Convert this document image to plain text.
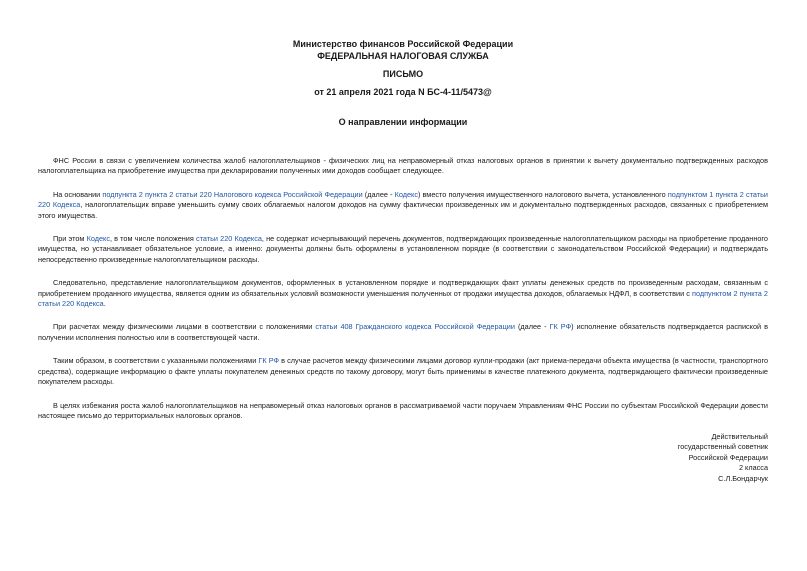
Министерство финансов Российской Федерации
ФЕДЕРАЛЬНАЯ НАЛОГОВАЯ СЛУЖБА
ПИСЬМО
от 21 апреля 2021 года N БС-4-11/5473@
О направлении информации

ФНС России в связи с увеличением количества жалоб налогоплательщиков - физических лиц на неправомерный отказ налоговых органов в принятии к вычету документально подтвержденных расходов налогоплательщика на приобретение имущества при декларировании полученных ими доходов сообщает следующее.

На основании подпункта 2 пункта 2 статьи 220 Налогового кодекса Российской Федерации (далее - Кодекс) вместо получения имущественного налогового вычета, установленного подпунктом 1 пункта 2 статьи 220 Кодекса, налогоплательщик вправе уменьшить сумму своих облагаемых налогом доходов на сумму фактически произведенных им и документально подтвержденных расходов, связанных с приобретением этого имущества.

При этом Кодекс, в том числе положения статьи 220 Кодекса, не содержат исчерпывающий перечень документов, подтверждающих произведенные налогоплательщиком расходы на приобретение проданного имущества, но устанавливает обязательное условие, а именно: документы должны быть оформлены в установленном порядке (в соответствии с законодательством Российской Федерации) и подтверждать непосредственно произведенные налогоплательщиком расходы.

Следовательно, представление налогоплательщиком документов, оформленных в установленном порядке и подтверждающих факт уплаты денежных средств по произведенным расходам, связанным с приобретением проданного имущества, является одним из обязательных условий возможности уменьшения полученных от продажи имущества доходов, облагаемых НДФЛ, в соответствии с подпунктом 2 пункта 2 статьи 220 Кодекса.

При расчетах между физическими лицами в соответствии с положениями статьи 408 Гражданского кодекса Российской Федерации (далее - ГК РФ) исполнение обязательств подтверждается распиской в получении исполнения полностью или в соответствующей части.

Таким образом, в соответствии с указанными положениями ГК РФ в случае расчетов между физическими лицами договор купли-продажи (акт приема-передачи объекта имущества (в частности, транспортного средства), содержащие информацию о факте уплаты покупателем денежных средств по такому договору, могут быть применимы в качестве платежного документа, подтверждающего фактически произведенные покупателем расходы.

В целях избежания роста жалоб налогоплательщиков на неправомерный отказ налоговых органов в рассматриваемой части поручаем Управлениям ФНС России по субъектам Российской Федерации довести настоящее письмо до территориальных налоговых органов.

Действительный
государственный советник
Российской Федерации
2 класса
С.Л.Бондарчук
